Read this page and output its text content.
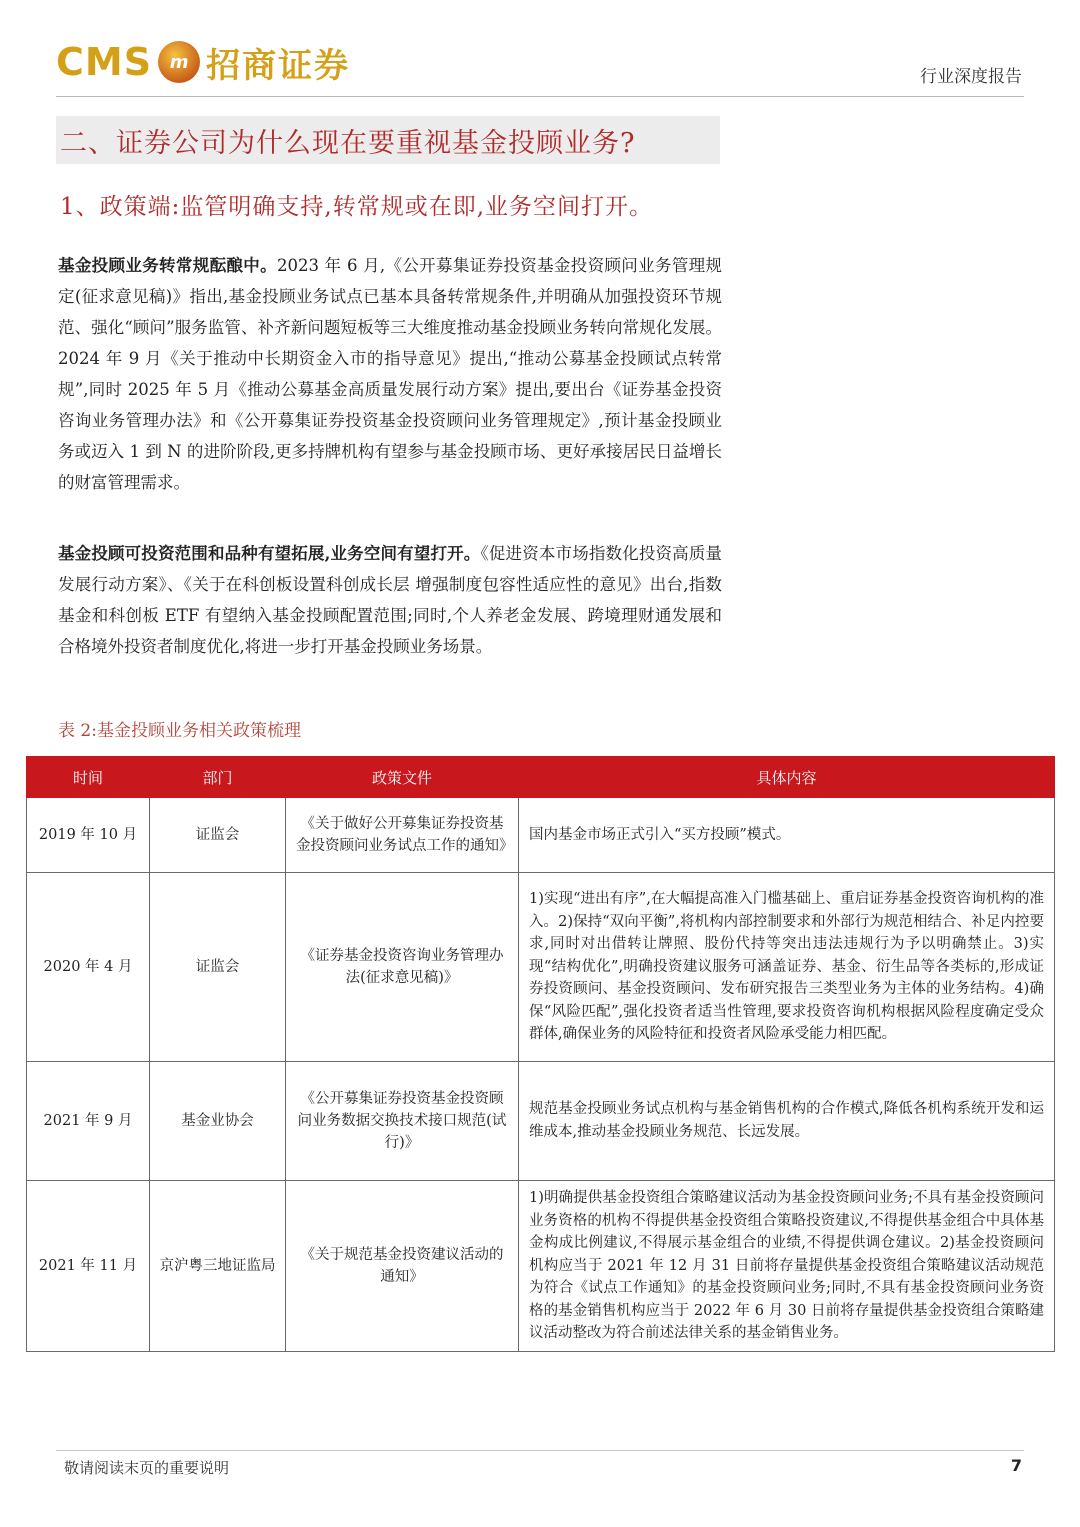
CMS m 招商证券	行业深度报告
二、证券公司为什么现在要重视基金投顾业务?
1、政策端:监管明确支持,转常规或在即,业务空间打开。
基金投顾业务转常规酝酿中。2023 年 6 月,《公开募集证券投资基金投资顾问业务管理规定(征求意见稿)》指出,基金投顾业务试点已基本具备转常规条件,并明确从加强投资环节规范、强化“顾问”服务监管、补齐新问题短板等三大维度推动基金投顾业务转向常规化发展。2024 年 9 月《关于推动中长期资金入市的指导意见》提出,“推动公募基金投顾试点转常规”,同时 2025 年 5 月《推动公募基金高质量发展行动方案》提出,要出台《证券基金投资咨询业务管理办法》和《公开募集证券投资基金投资顾问业务管理规定》,预计基金投顾业务或迈入 1 到 N 的进阶阶段,更多持牌机构有望参与基金投顾市场、更好承接居民日益增长的财富管理需求。
基金投顾可投资范围和品种有望拓展,业务空间有望打开。《促进资本市场指数化投资高质量发展行动方案》、《关于在科创板设置科创成长层 增强制度包容性适应性的意见》出台,指数基金和科创板 ETF 有望纳入基金投顾配置范围;同时,个人养老金发展、跨境理财通发展和合格境外投资者制度优化,将进一步打开基金投顾业务场景。
表 2:基金投顾业务相关政策梳理
时间	部门	政策文件	具体内容
2019 年 10 月	证监会	《关于做好公开募集证券投资基金投资顾问业务试点工作的通知》	国内基金市场正式引入“买方投顾”模式。
2020 年 4 月	证监会	《证券基金投资咨询业务管理办法(征求意见稿)》	1)实现“进出有序”,在大幅提高准入门槛基础上、重启证券基金投资咨询机构的准入。2)保持“双向平衡”,将机构内部控制要求和外部行为规范相结合、补足内控要求,同时对出借转让牌照、股份代持等突出违法违规行为予以明确禁止。3)实现“结构优化”,明确投资建议服务可涵盖证券、基金、衍生品等各类标的,形成证券投资顾问、基金投资顾问、发布研究报告三类型业务为主体的业务结构。4)确保“风险匹配”,强化投资者适当性管理,要求投资咨询机构根据风险程度确定受众群体,确保业务的风险特征和投资者风险承受能力相匹配。
2021 年 9 月	基金业协会	《公开募集证券投资基金投资顾问业务数据交换技术接口规范(试行)》	规范基金投顾业务试点机构与基金销售机构的合作模式,降低各机构系统开发和运维成本,推动基金投顾业务规范、长远发展。
2021 年 11 月	京沪粤三地证监局	《关于规范基金投资建议活动的通知》	1)明确提供基金投资组合策略建议活动为基金投资顾问业务;不具有基金投资顾问业务资格的机构不得提供基金投资组合策略投资建议,不得提供基金组合中具体基金构成比例建议,不得展示基金组合的业绩,不得提供调仓建议。2)基金投资顾问机构应当于 2021 年 12 月 31 日前将存量提供基金投资组合策略建议活动规范为符合《试点工作通知》的基金投资顾问业务;同时,不具有基金投资顾问业务资格的基金销售机构应当于 2022 年 6 月 30 日前将存量提供基金投资组合策略建议活动整改为符合前述法律关系的基金销售业务。
敬请阅读末页的重要说明	7
